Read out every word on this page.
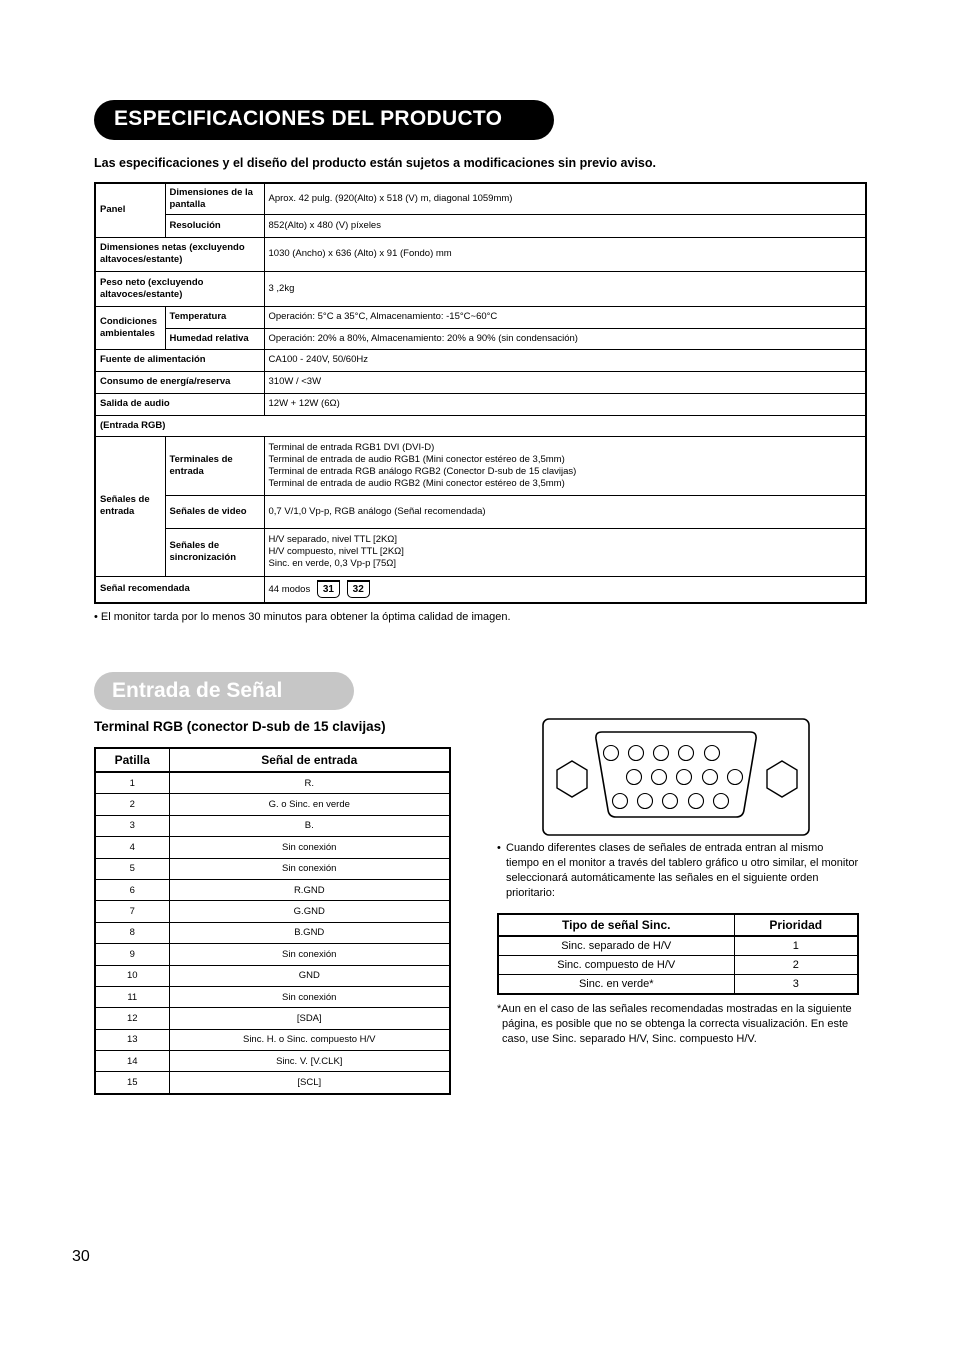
ESPECIFICACIONES DEL PRODUCTO
Las especificaciones y el diseño del producto están sujetos a modificaciones sin previo aviso.
Panel	Dimensiones de la pantalla	Aprox. 42 pulg. (920(Alto) x 518 (V) m, diagonal 1059mm)
	Resolución	852(Alto) x 480 (V) píxeles
Dimensiones netas (excluyendo altavoces/estante)		1030 (Ancho) x 636 (Alto) x 91 (Fondo) mm
Peso neto (excluyendo altavoces/estante)		3 ,2kg
Condiciones ambientales	Temperatura	Operación: 5°C a 35°C, Almacenamiento: -15°C~60°C
	Humedad relativa	Operación: 20% a 80%, Almacenamiento: 20% a 90% (sin condensación)
Fuente de alimentación		CA100 - 240V, 50/60Hz
Consumo de energía/reserva		310W / <3W
Salida de audio		12W + 12W (6Ω)
(Entrada RGB)		
Señales de entrada	Terminales de entrada	Terminal de entrada RGB1 DVI (DVI-D)
Terminal de entrada de audio RGB1 (Mini conector estéreo de 3,5mm)
Terminal de entrada RGB análogo RGB2 (Conector D-sub de 15 clavijas)
Terminal de entrada de audio RGB2 (Mini conector estéreo de 3,5mm)

	Señales de video	0,7 V/1,0 Vp-p, RGB análogo (Señal recomendada)
	Señales de sincronización	H/V separado, nivel TTL [2KΩ]
H/V compuesto, nivel TTL [2KΩ]
Sinc. en verde, 0,3 Vp-p [75Ω]

Señal recomendada		44 modos 31 32
• El monitor tarda por lo menos 30 minutos para obtener la óptima calidad de imagen.
Entrada de Señal
Terminal RGB (conector D-sub de 15 clavijas)
Patilla	Señal de entrada
1	R.
2	G. o Sinc. en verde
3	B.
4	Sin conexión
5	Sin conexión
6	R.GND
7	G.GND
8	B.GND
9	Sin conexión
10	GND
11	Sin conexión
12	[SDA]
13	Sinc. H. o Sinc. compuesto H/V
14	Sinc. V. [V.CLK]
15	[SCL]
• Cuando diferentes clases de señales de entrada entran al mismo tiempo en el monitor a través del tablero gráfico u otro similar, el monitor seleccionará automáticamente las señales en el siguiente orden prioritario:
Tipo de señal Sinc.	Prioridad
Sinc. separado de H/V	1
Sinc. compuesto de H/V	2
Sinc. en verde*	3
*Aun en el caso de las señales recomendadas mostradas en la siguiente página, es posible que no se obtenga la correcta visualización. En este caso, use Sinc. separado H/V, Sinc. compuesto H/V.
30
